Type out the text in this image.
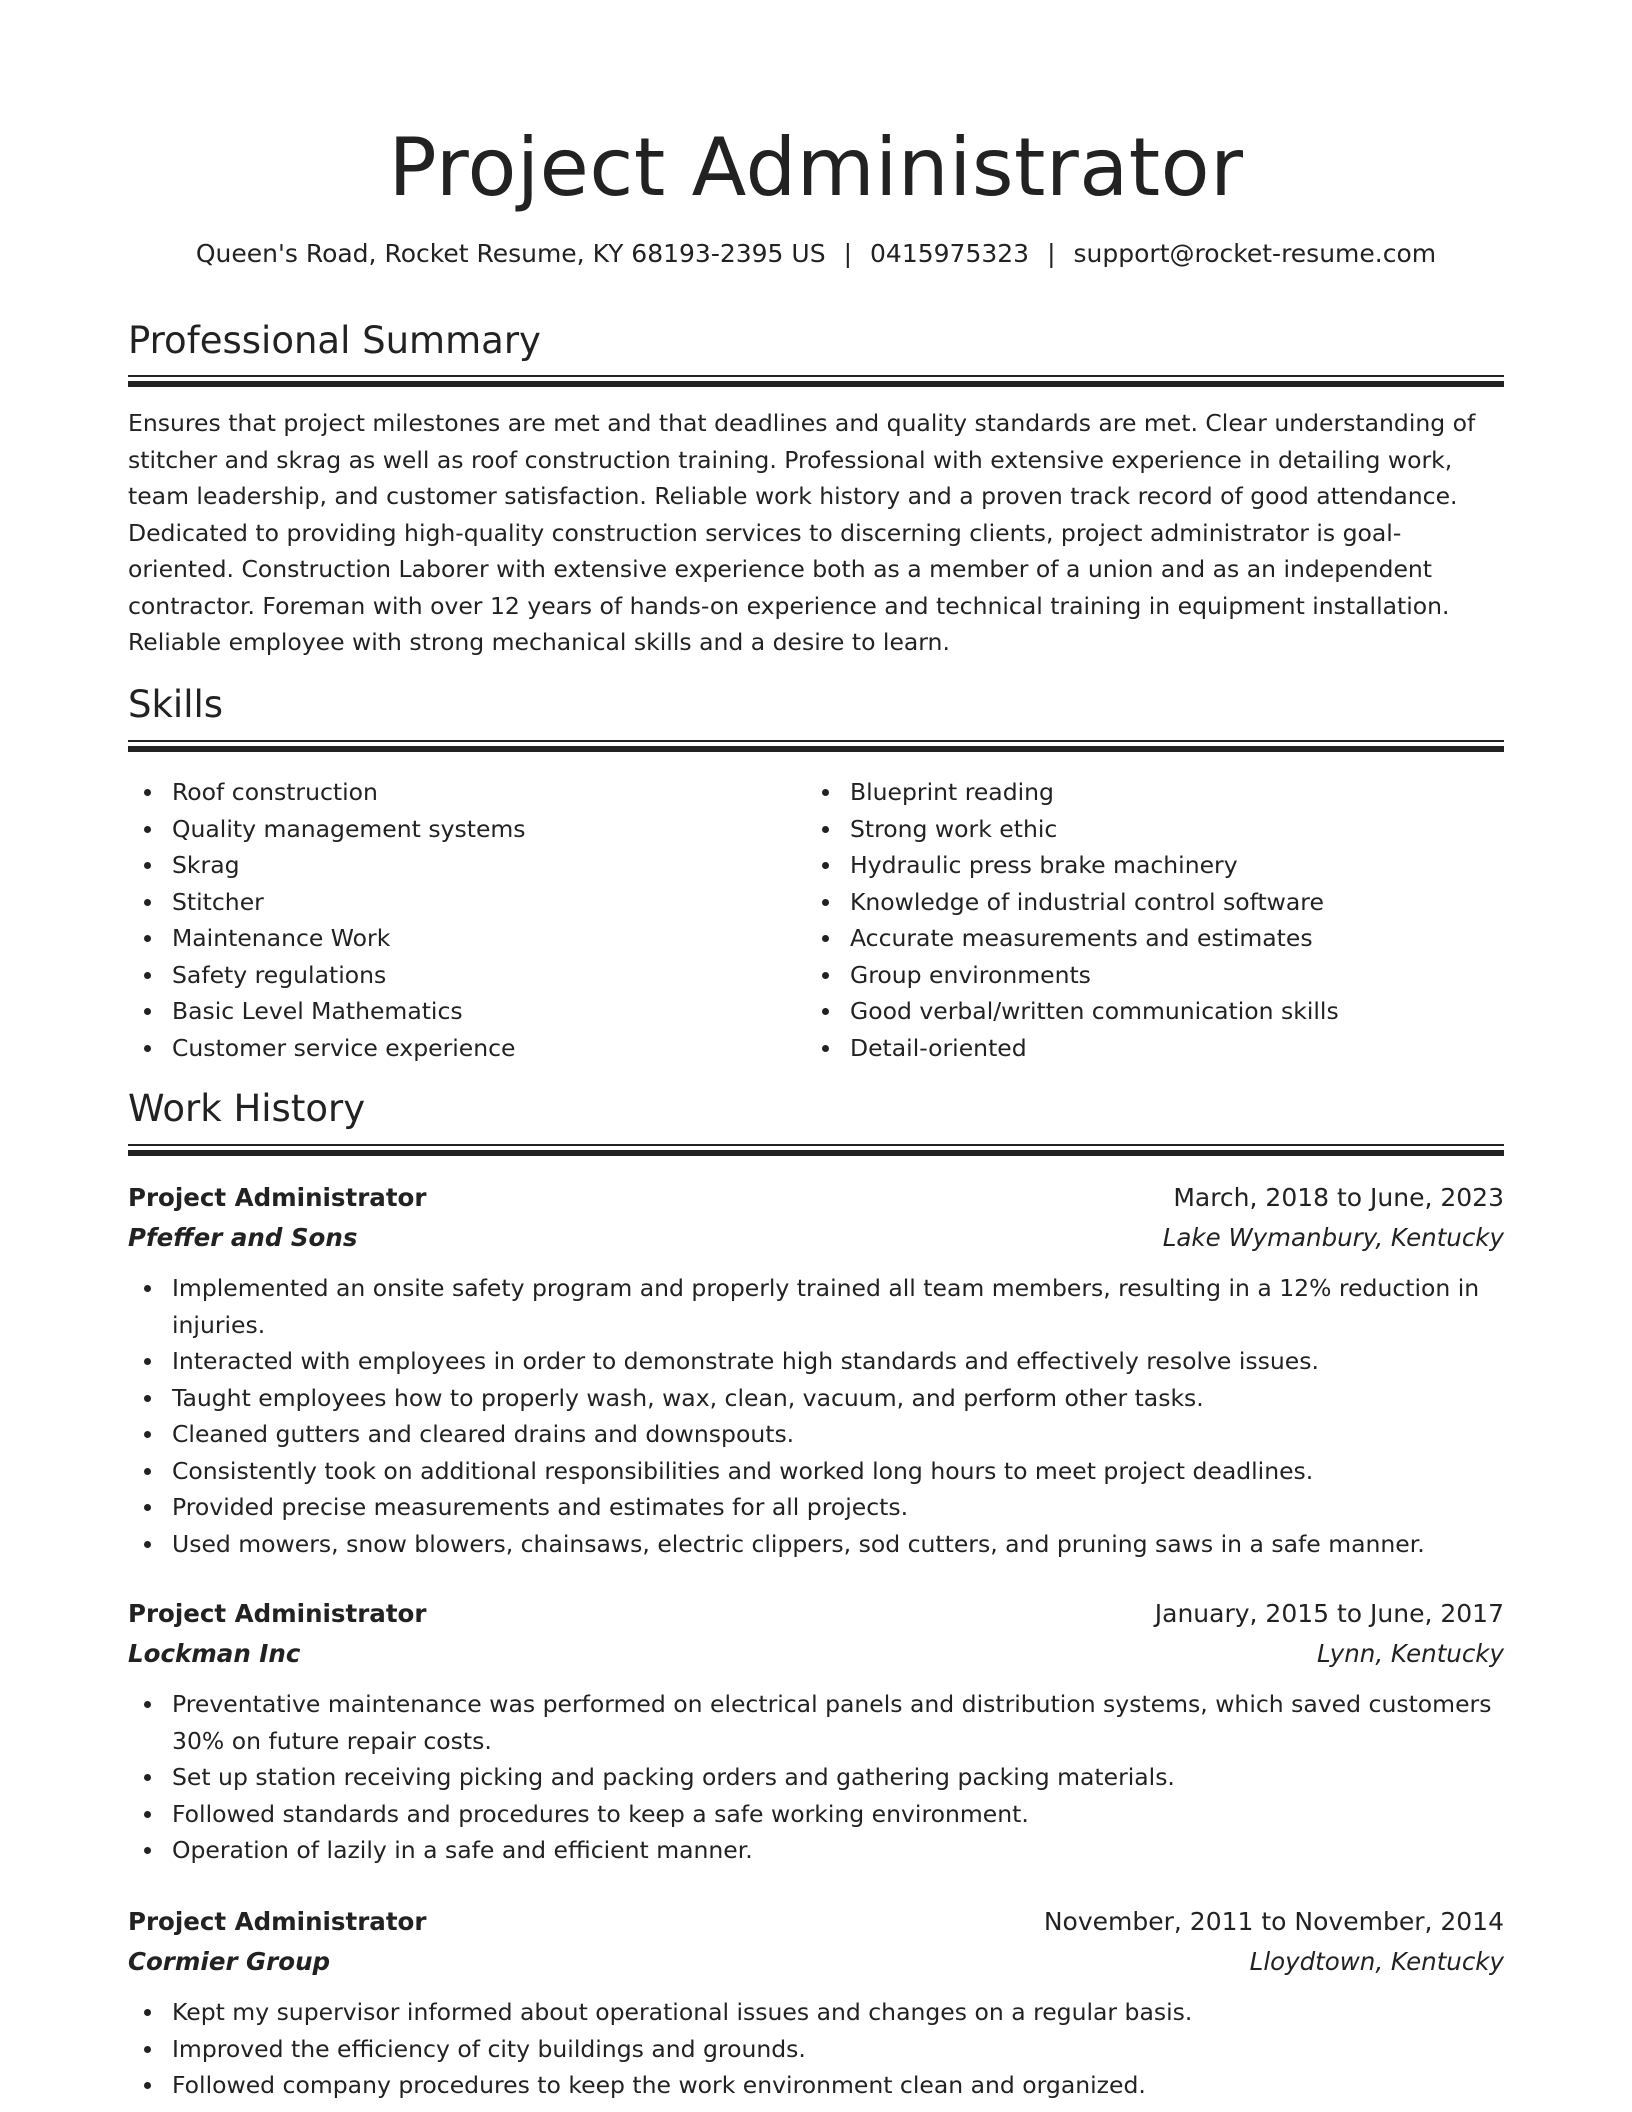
Project Administrator
Queen's Road, Rocket Resume, KY 68193-2395 US | 0415975323 | support@rocket-resume.com
Professional Summary

Ensures that project milestones are met and that deadlines and quality standards are met. Clear understanding of stitcher and skrag as well as roof construction training. Professional with extensive experience in detailing work, team leadership, and customer satisfaction. Reliable work history and a proven track record of good attendance. Dedicated to providing high-quality construction services to discerning clients, project administrator is goal-oriented. Construction Laborer with extensive experience both as a member of a union and as an independent contractor. Foreman with over 12 years of hands-on experience and technical training in equipment installation. Reliable employee with strong mechanical skills and a desire to learn.

Skills
Roof construction
Quality management systems
Skrag
Stitcher
Maintenance Work
Safety regulations
Basic Level Mathematics
Customer service experience
Blueprint reading
Strong work ethic
Hydraulic press brake machinery
Knowledge of industrial control software
Accurate measurements and estimates
Group environments
Good verbal/written communication skills
Detail-oriented
Work History
Project Administrator	March, 2018 to June, 2023
Pfeffer and Sons	Lake Wymanbury, Kentucky
Implemented an onsite safety program and properly trained all team members, resulting in a 12% reduction in injuries.
Interacted with employees in order to demonstrate high standards and effectively resolve issues.
Taught employees how to properly wash, wax, clean, vacuum, and perform other tasks.
Cleaned gutters and cleared drains and downspouts.
Consistently took on additional responsibilities and worked long hours to meet project deadlines.
Provided precise measurements and estimates for all projects.
Used mowers, snow blowers, chainsaws, electric clippers, sod cutters, and pruning saws in a safe manner.
Project Administrator	January, 2015 to June, 2017
Lockman Inc	Lynn, Kentucky
Preventative maintenance was performed on electrical panels and distribution systems, which saved customers 30% on future repair costs.
Set up station receiving picking and packing orders and gathering packing materials.
Followed standards and procedures to keep a safe working environment.
Operation of lazily in a safe and efficient manner.
Project Administrator	November, 2011 to November, 2014
Cormier Group	Lloydtown, Kentucky
Kept my supervisor informed about operational issues and changes on a regular basis.
Improved the efficiency of city buildings and grounds.
Followed company procedures to keep the work environment clean and organized.
